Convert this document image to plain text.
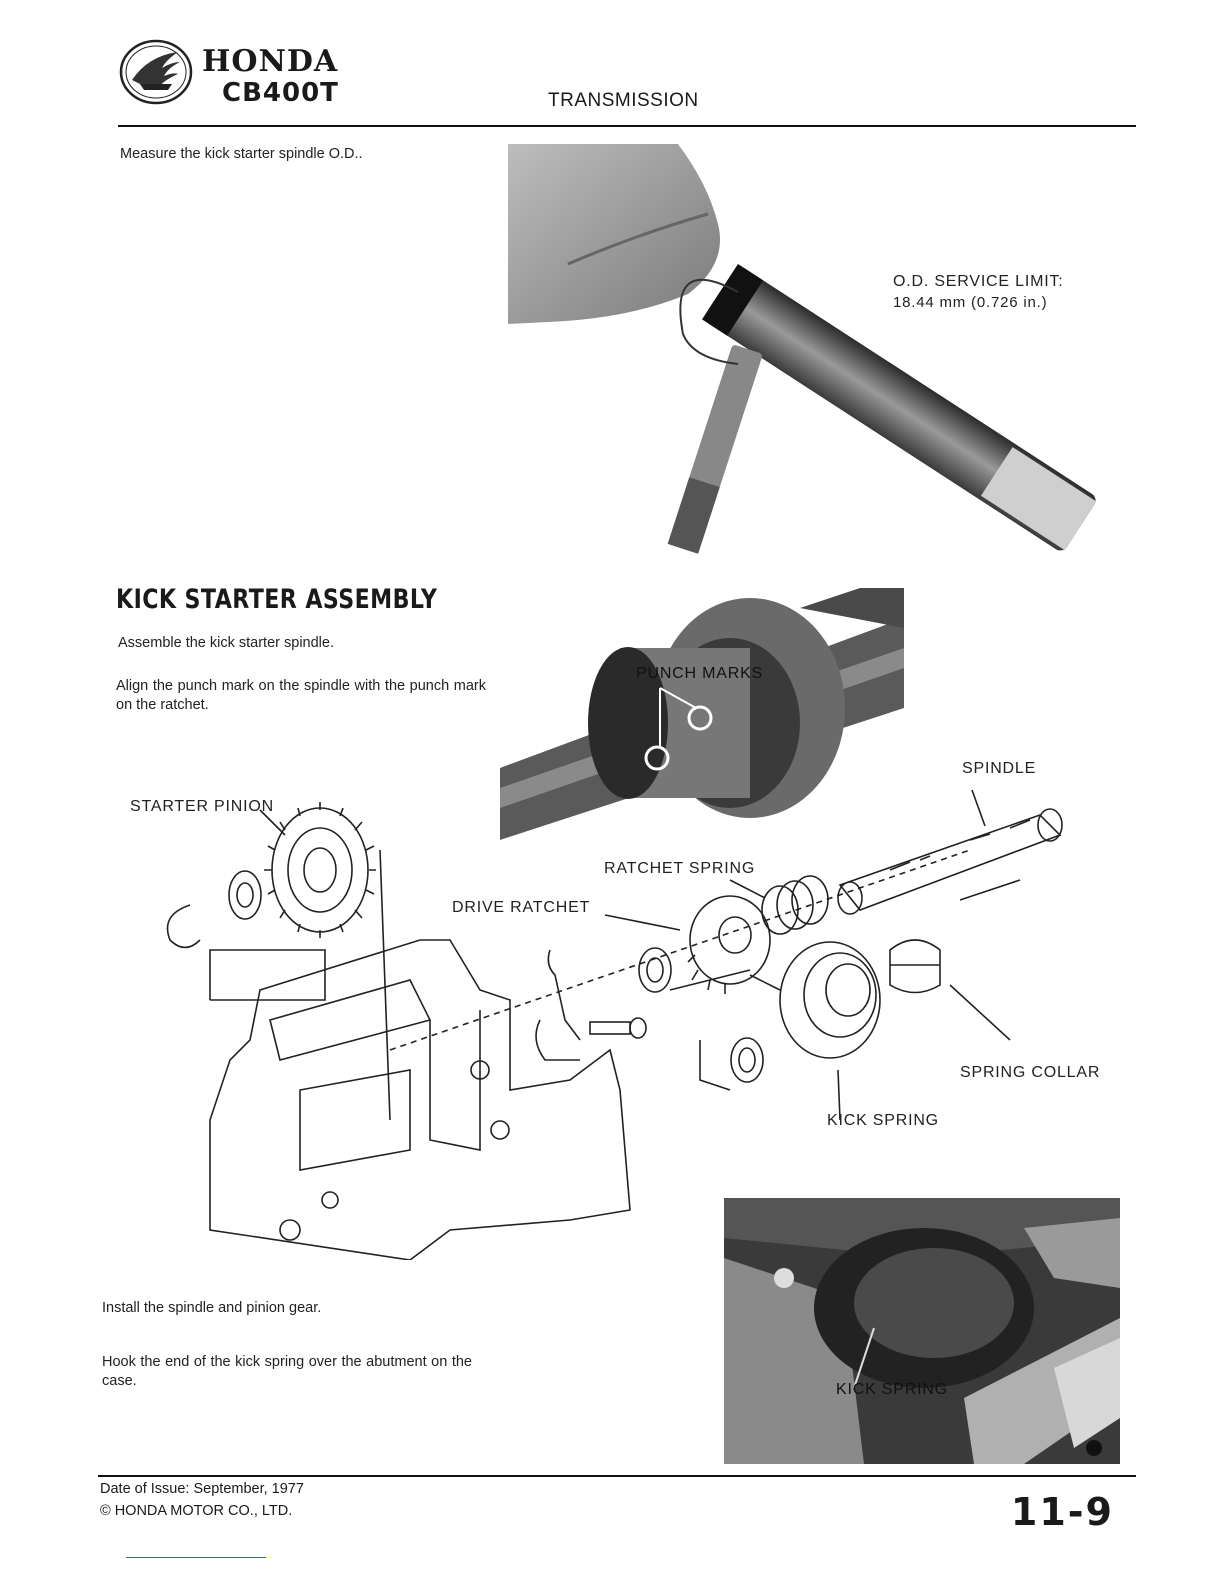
HONDA
CB400T	TRANSMISSION
Measure the kick starter spindle O.D..
O.D. SERVICE LIMIT:
18.44 mm (0.726 in.)
KICK STARTER ASSEMBLY
Assemble the kick starter spindle.
Align the punch mark on the spindle with the punch mark on the ratchet.
PUNCH MARKS
STARTER PINION
SPINDLE
RATCHET SPRING
DRIVE RATCHET
SPRING COLLAR
KICK SPRING
Install the spindle and pinion gear.
Hook the end of the kick spring over the abutment on the case.	KICK SPRING
Date of Issue: September, 1977
© HONDA MOTOR CO., LTD.	11-9
